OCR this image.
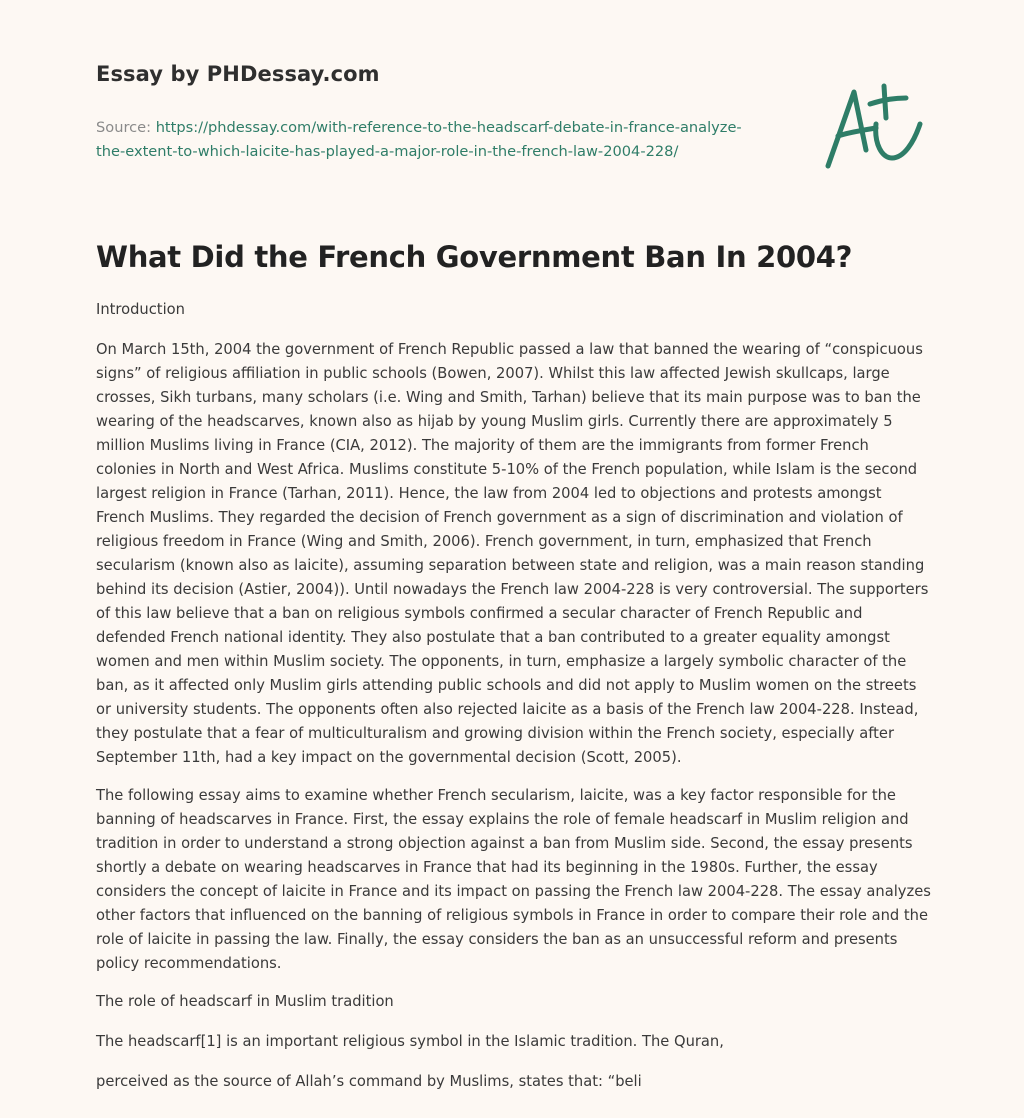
Essay by PHDessay.com
Source: https://phdessay.com/with-reference-to-the-headscarf-debate-in-france-analyze-the-extent-to-which-laicite-has-played-a-major-role-in-the-french-law-2004-228/
What Did the French Government Ban In 2004?

Introduction

On March 15th, 2004 the government of French Republic passed a law that banned the wearing of “conspicuous signs” of religious affiliation in public schools (Bowen, 2007). Whilst this law affected Jewish skullcaps, large crosses, Sikh turbans, many scholars (i.e. Wing and Smith, Tarhan) believe that its main purpose was to ban the wearing of the headscarves, known also as hijab by young Muslim girls. Currently there are approximately 5 million Muslims living in France (CIA, 2012). The majority of them are the immigrants from former French colonies in North and West Africa. Muslims constitute 5-10% of the French population, while Islam is the second largest religion in France (Tarhan, 2011). Hence, the law from 2004 led to objections and protests amongst French Muslims. They regarded the decision of French government as a sign of discrimination and violation of religious freedom in France (Wing and Smith, 2006). French government, in turn, emphasized that French secularism (known also as laicite), assuming separation between state and religion, was a main reason standing behind its decision (Astier, 2004)). Until nowadays the French law 2004-228 is very controversial. The supporters of this law believe that a ban on religious symbols confirmed a secular character of French Republic and defended French national identity. They also postulate that a ban contributed to a greater equality amongst women and men within Muslim society. The opponents, in turn, emphasize a largely symbolic character of the ban, as it affected only Muslim girls attending public schools and did not apply to Muslim women on the streets or university students. The opponents often also rejected laicite as a basis of the French law 2004-228. Instead, they postulate that a fear of multiculturalism and growing division within the French society, especially after September 11th, had a key impact on the governmental decision (Scott, 2005).

The following essay aims to examine whether French secularism, laicite, was a key factor responsible for the banning of headscarves in France. First, the essay explains the role of female headscarf in Muslim religion and tradition in order to understand a strong objection against a ban from Muslim side. Second, the essay presents shortly a debate on wearing headscarves in France that had its beginning in the 1980s. Further, the essay considers the concept of laicite in France and its impact on passing the French law 2004-228. The essay analyzes other factors that influenced on the banning of religious symbols in France in order to compare their role and the role of laicite in passing the law. Finally, the essay considers the ban as an unsuccessful reform and presents policy recommendations.

The role of headscarf in Muslim tradition

The headscarf[1] is an important religious symbol in the Islamic tradition. The Quran,

perceived as the source of Allah’s command by Muslims, states that: “beli
